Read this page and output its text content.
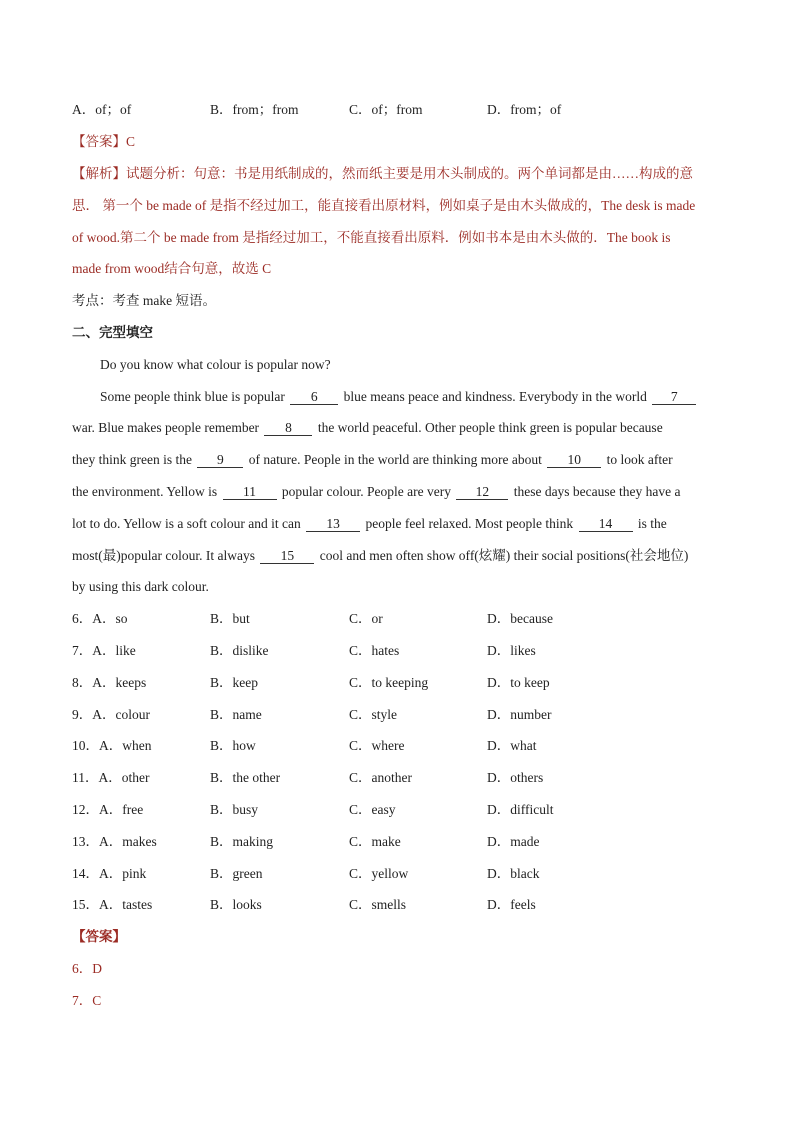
A．of；of	B．from；from	C．of；from	D．from；of
【答案】C
【解析】试题分析：句意：书是用纸制成的，然而纸主要是用木头制成的。两个单词都是由……构成的意
思． 第一个 be made of 是指不经过加工，能直接看出原材料，例如桌子是由木头做成的，The desk is made
of wood.第二个 be made from 是指经过加工，不能直接看出原料．例如书本是由木头做的．The book is
made from wood结合句意，故选 C
考点：考查 make 短语。
二、完型填空
Do you know what colour is popular now?
Some people think blue is popular 6 blue means peace and kindness. Everybody in the world 7
war. Blue makes people remember 8 the world peaceful. Other people think green is popular because
they think green is the 9 of nature. People in the world are thinking more about 10 to look after
the environment. Yellow is 11 popular colour. People are very 12 these days because they have a
lot to do. Yellow is a soft colour and it can 13 people feel relaxed. Most people think 14 is the
most(最)popular colour. It always 15 cool and men often show off(炫耀) their social positions(社会地位)
by using this dark colour.
6．A．so	B．but	C．or	D．because
7．A．like	B．dislike	C．hates	D．likes
8．A．keeps	B．keep	C．to keeping	D．to keep
9．A．colour	B．name	C．style	D．number
10．A．when	B．how	C．where	D．what
11．A．other	B．the other	C．another	D．others
12．A．free	B．busy	C．easy	D．difficult
13．A．makes	B．making	C．make	D．made
14．A．pink	B．green	C．yellow	D．black
15．A．tastes	B．looks	C．smells	D．feels
【答案】
6．D
7．C
